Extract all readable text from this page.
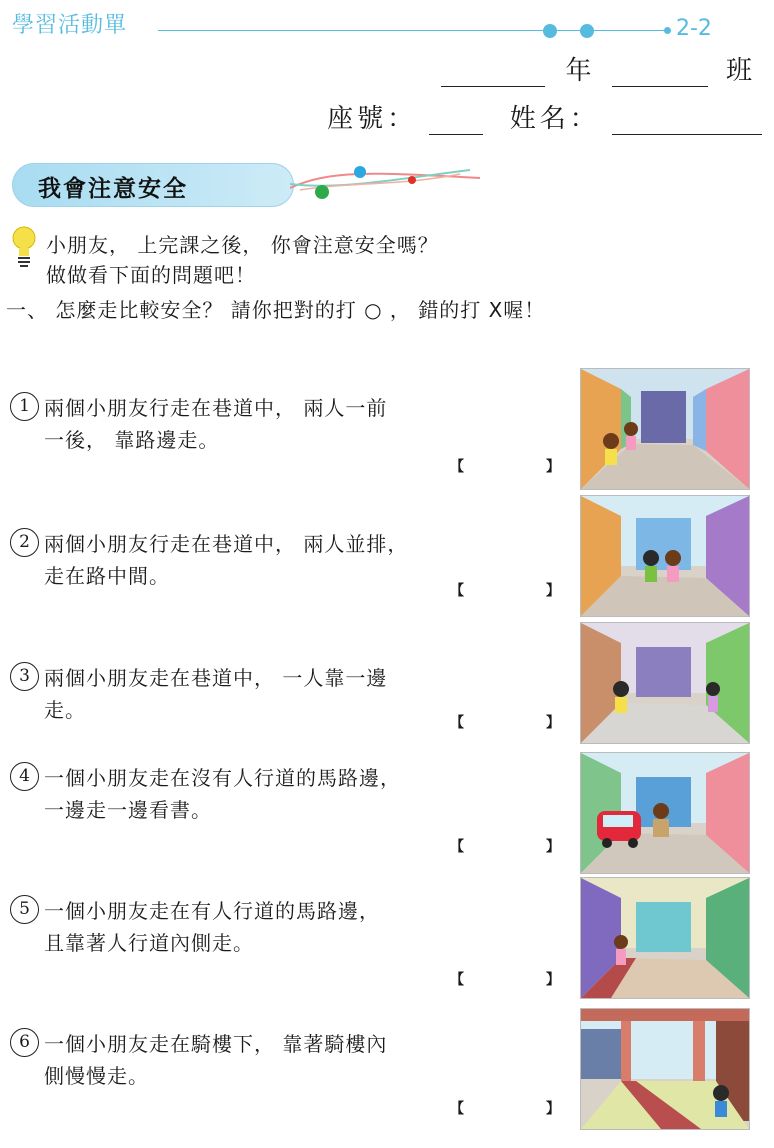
學習活動單	2-2
年	班
座號：	姓名：
我會注意安全
小朋友， 上完課之後， 你會注意安全嗎？
做做看下面的問題吧！
一、 怎麼走比較安全？ 請你把對的打 ○ ， 錯的打 X喔！
1 兩個小朋友行走在巷道中， 兩人一前
一後， 靠路邊走。
【	】
2 兩個小朋友行走在巷道中， 兩人並排，
走在路中間。
【	】
3 兩個小朋友走在巷道中， 一人靠一邊
走。
【	】
4 一個小朋友走在沒有人行道的馬路邊，
一邊走一邊看書。
【	】
5 一個小朋友走在有人行道的馬路邊，
且靠著人行道內側走。
【	】
6 一個小朋友走在騎樓下， 靠著騎樓內
側慢慢走。
【	】
